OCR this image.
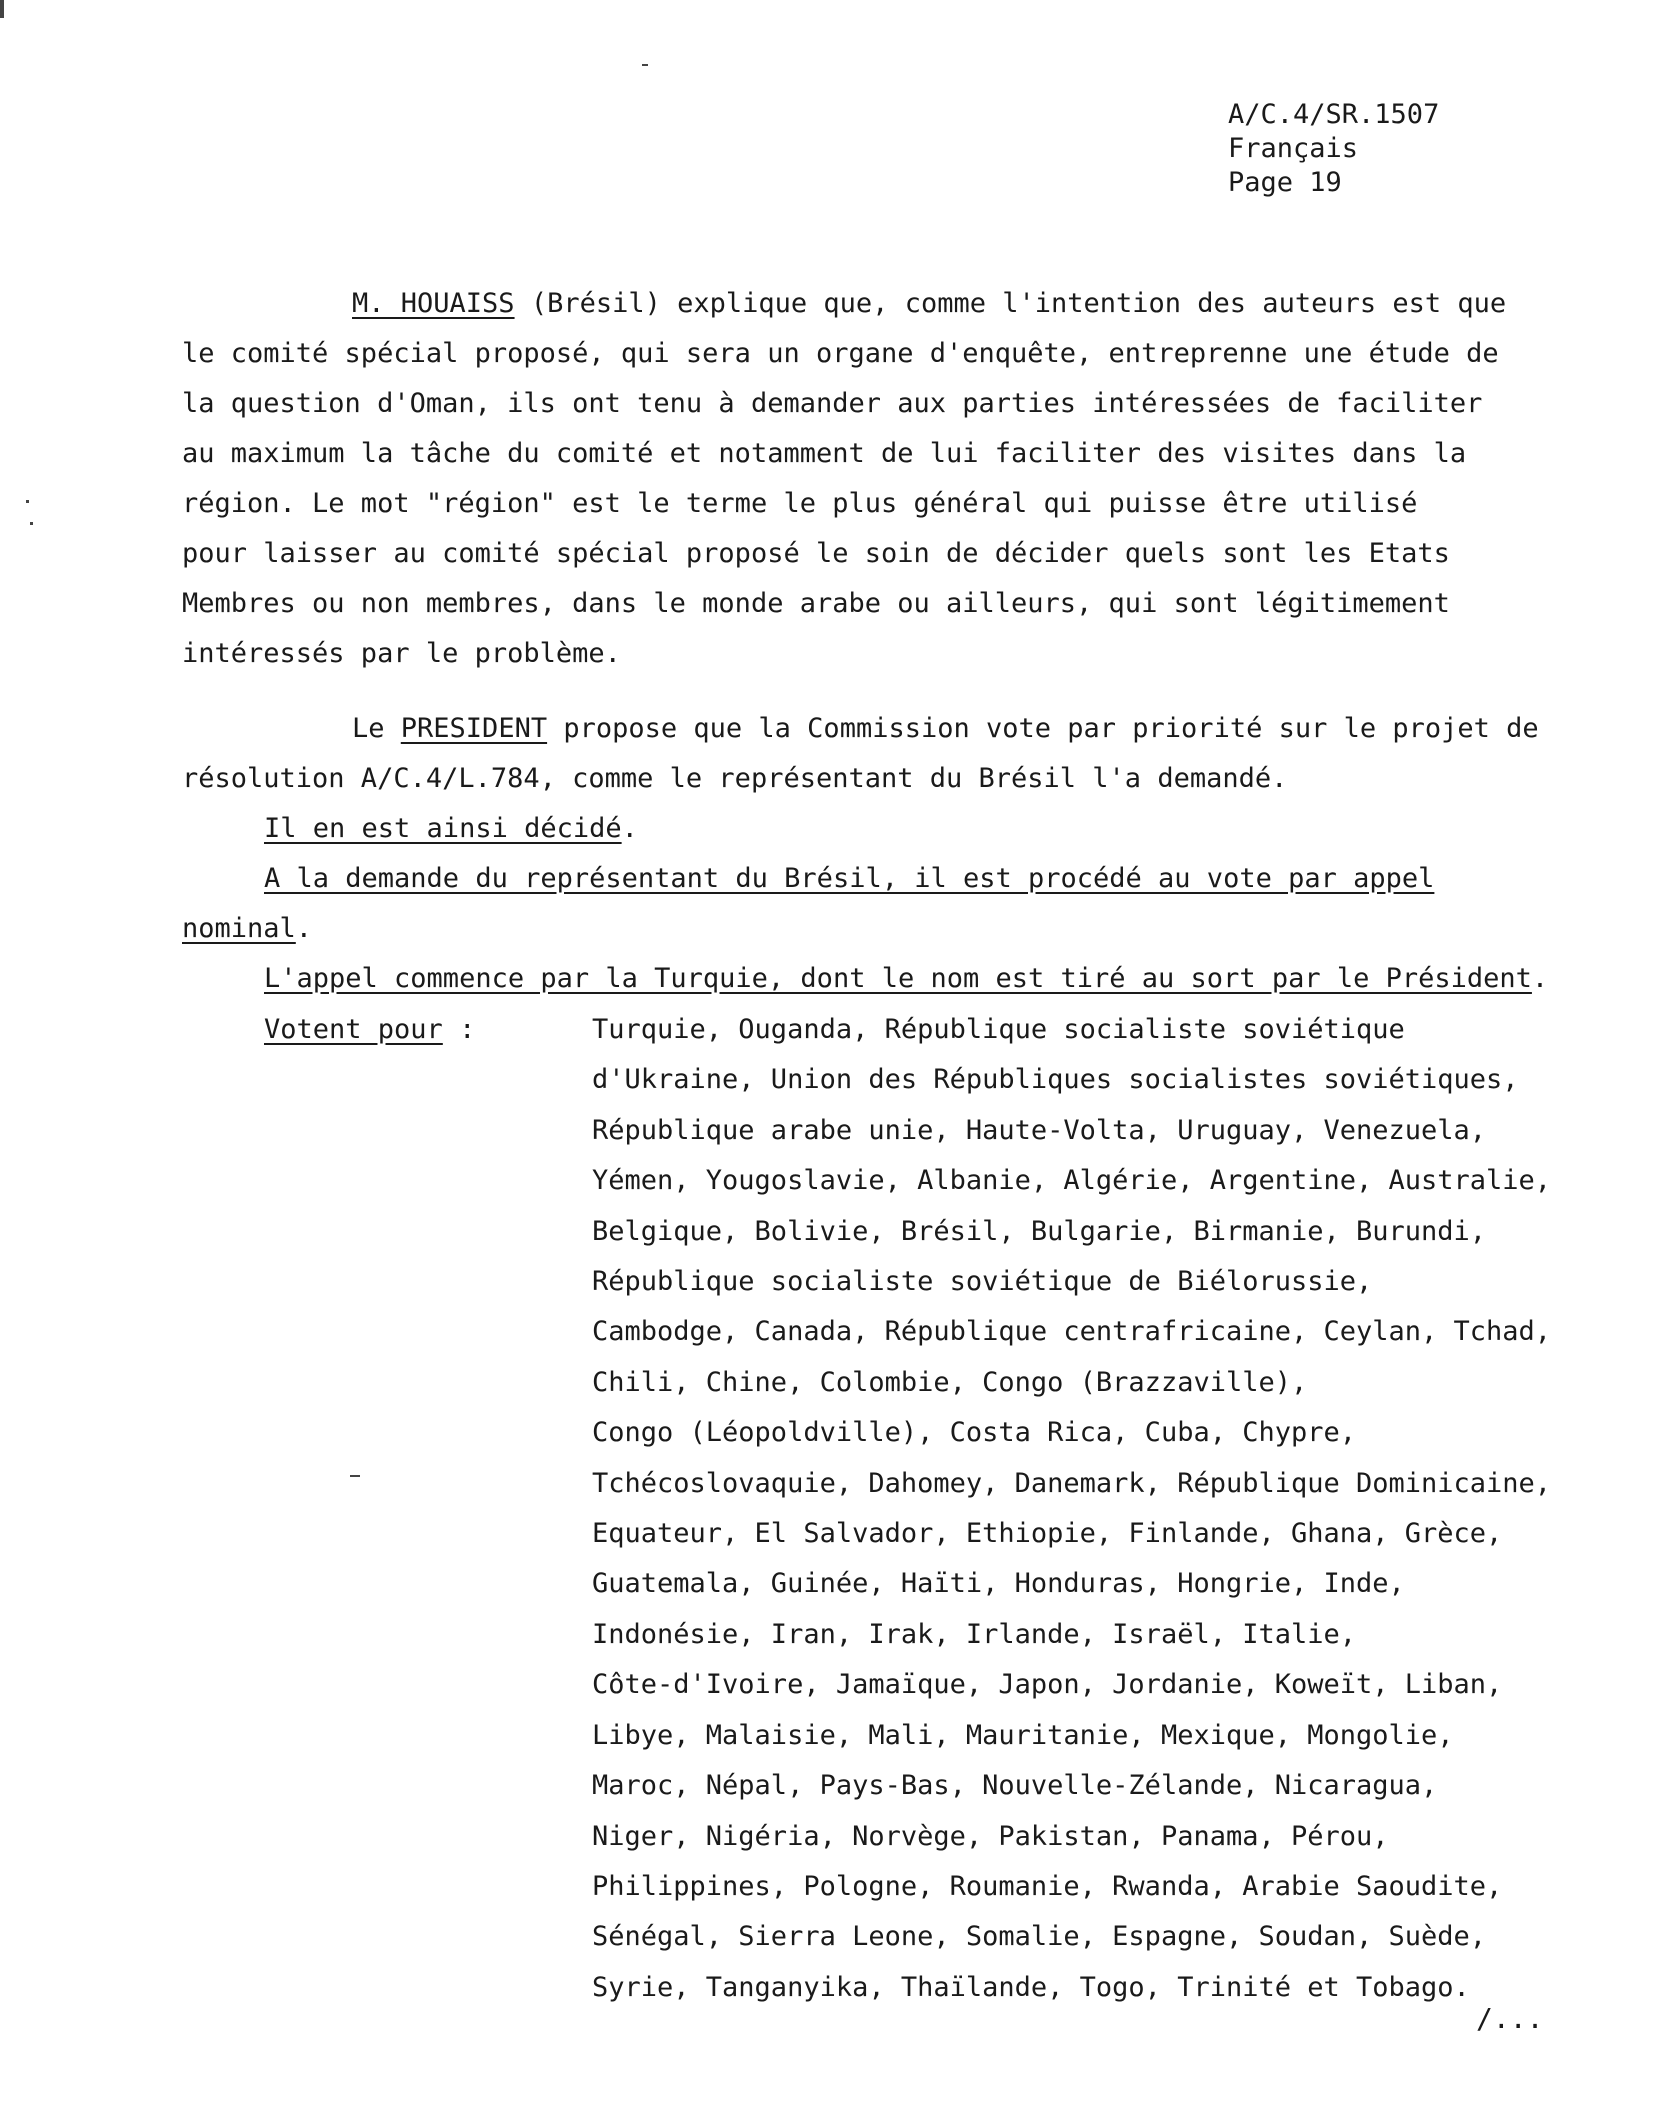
A/C.4/SR.1507
Français
Page 19
M. HOUAISS (Brésil) explique que, comme l'intention des auteurs est que
le comité spécial proposé, qui sera un organe d'enquête, entreprenne une étude de
la question d'Oman, ils ont tenu à demander aux parties intéressées de faciliter
au maximum la tâche du comité et notamment de lui faciliter des visites dans la
région. Le mot "région" est le terme le plus général qui puisse être utilisé
pour laisser au comité spécial proposé le soin de décider quels sont les Etats
Membres ou non membres, dans le monde arabe ou ailleurs, qui sont légitimement
intéressés par le problème.
Le PRESIDENT propose que la Commission vote par priorité sur le projet de
résolution A/C.4/L.784, comme le représentant du Brésil l'a demandé.
Il en est ainsi décidé.
A la demande du représentant du Brésil, il est procédé au vote par appel
nominal.
L'appel commence par la Turquie, dont le nom est tiré au sort par le Président.
Votent pour :	Turquie, Ouganda, République socialiste soviétique
d'Ukraine, Union des Républiques socialistes soviétiques,
République arabe unie, Haute-Volta, Uruguay, Venezuela,
Yémen, Yougoslavie, Albanie, Algérie, Argentine, Australie,
Belgique, Bolivie, Brésil, Bulgarie, Birmanie, Burundi,
République socialiste soviétique de Biélorussie,
Cambodge, Canada, République centrafricaine, Ceylan, Tchad,
Chili, Chine, Colombie, Congo (Brazzaville),
Congo (Léopoldville), Costa Rica, Cuba, Chypre,
Tchécoslovaquie, Dahomey, Danemark, République Dominicaine,
Equateur, El Salvador, Ethiopie, Finlande, Ghana, Grèce,
Guatemala, Guinée, Haïti, Honduras, Hongrie, Inde,
Indonésie, Iran, Irak, Irlande, Israël, Italie,
Côte-d'Ivoire, Jamaïque, Japon, Jordanie, Koweït, Liban,
Libye, Malaisie, Mali, Mauritanie, Mexique, Mongolie,
Maroc, Népal, Pays-Bas, Nouvelle-Zélande, Nicaragua,
Niger, Nigéria, Norvège, Pakistan, Panama, Pérou,
Philippines, Pologne, Roumanie, Rwanda, Arabie Saoudite,
Sénégal, Sierra Leone, Somalie, Espagne, Soudan, Suède,
Syrie, Tanganyika, Thaïlande, Togo, Trinité et Tobago.
/...
